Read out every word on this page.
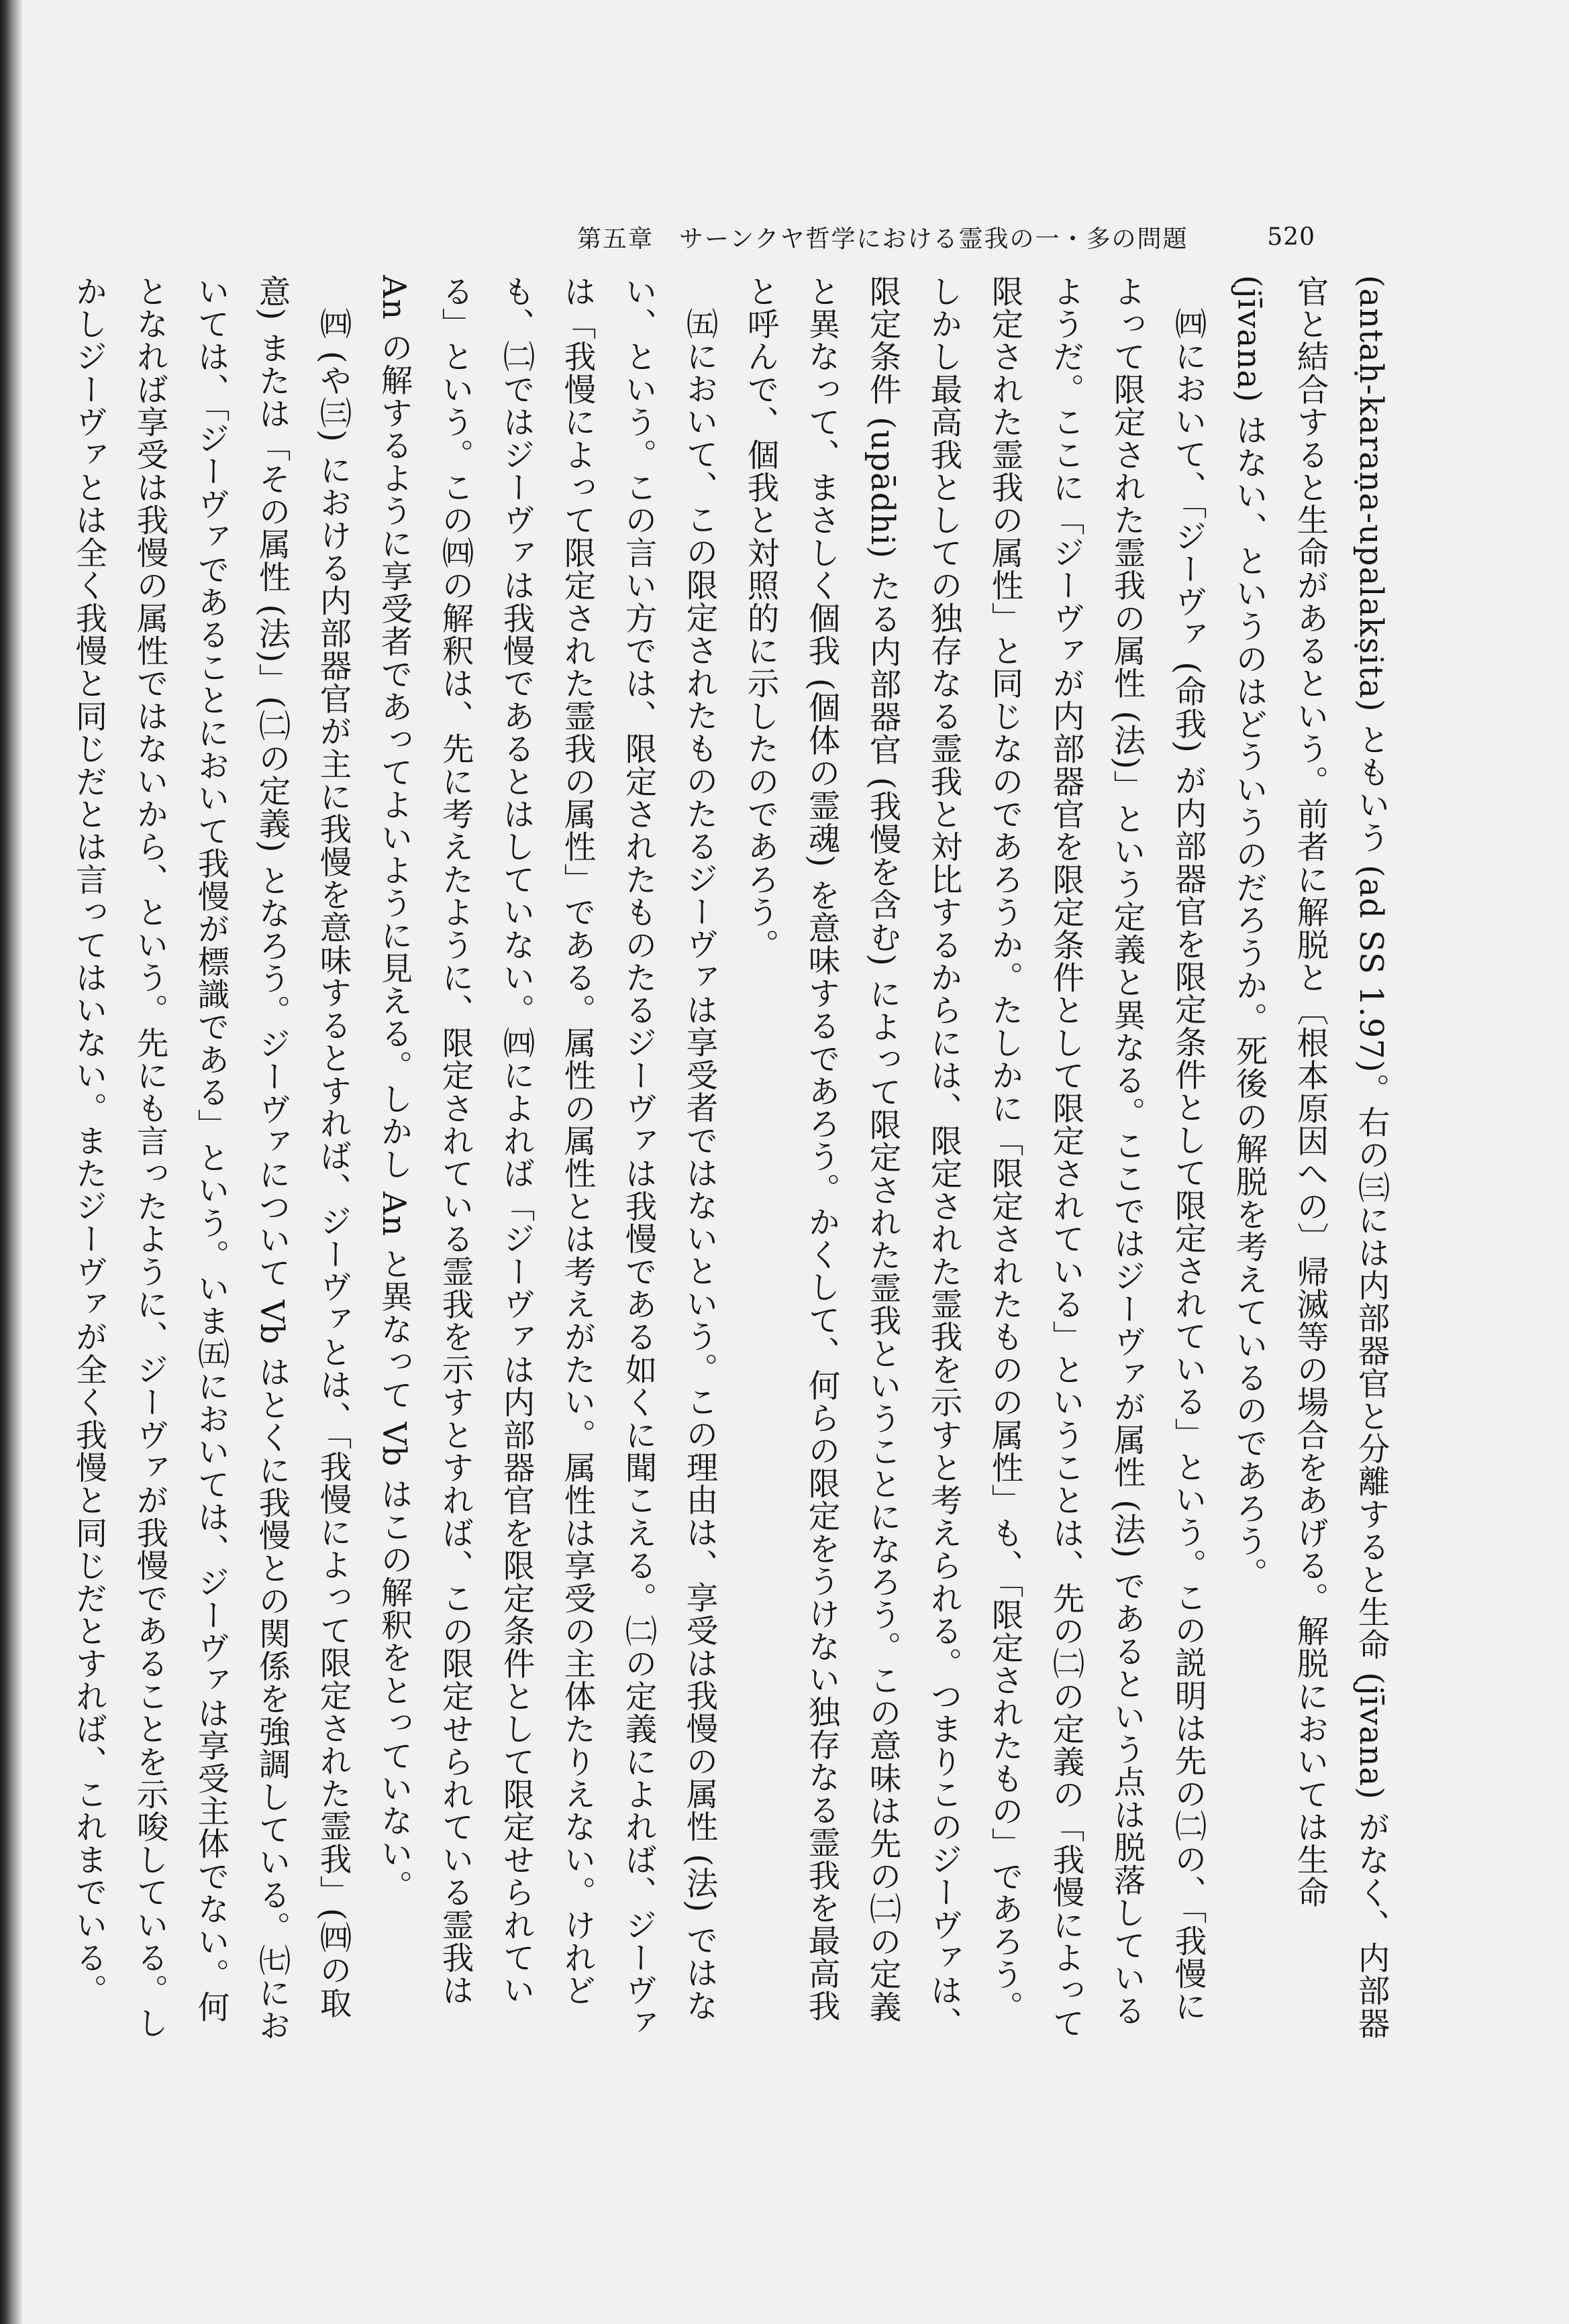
第五章　サーンクヤ哲学における霊我の一・多の問題	520

(antaḥ-karaṇa-upalakṣita) ともいう (ad SS 1.97)。右の㈢には内部器官と分離すると生命 (jīvana) がなく、内部器官と結合すると生命があるという。前者に解脱と〔根本原因への〕帰滅等の場合をあげる。解脱においては生命 (jīvana) はない、というのはどういうのだろうか。死後の解脱を考えているのであろう。

㈣において、「ジーヴァ (命我) が内部器官を限定条件として限定されている」という。この説明は先の㈡の、「我慢によって限定された霊我の属性 (法)」という定義と異なる。ここではジーヴァが属性 (法) であるという点は脱落しているようだ。ここに「ジーヴァが内部器官を限定条件として限定されている」ということは、先の㈡の定義の「我慢によって限定された霊我の属性」と同じなのであろうか。たしかに「限定されたものの属性」も、「限定されたもの」であろう。しかし最高我としての独存なる霊我と対比するからには、限定された霊我を示すと考えられる。つまりこのジーヴァは、限定条件 (upādhi) たる内部器官 (我慢を含む) によって限定された霊我ということになろう。この意味は先の㈡の定義と異なって、まさしく個我 (個体の霊魂) を意味するであろう。かくして、何らの限定をうけない独存なる霊我を最高我と呼んで、個我と対照的に示したのであろう。

㈤において、この限定されたものたるジーヴァは享受者ではないという。この理由は、享受は我慢の属性 (法) ではない、という。この言い方では、限定されたものたるジーヴァは我慢である如くに聞こえる。㈡の定義によれば、ジーヴァは「我慢によって限定された霊我の属性」である。属性の属性とは考えがたい。属性は享受の主体たりえない。けれども、㈡ではジーヴァは我慢であるとはしていない。㈣によれば「ジーヴァは内部器官を限定条件として限定せられている」という。この㈣の解釈は、先に考えたように、限定されている霊我を示すとすれば、この限定せられている霊我は An の解するように享受者であってよいように見える。しかし An と異なって Vb はこの解釈をとっていない。

㈣ (や㈢) における内部器官が主に我慢を意味するとすれば、ジーヴァとは、「我慢によって限定された霊我」(㈣の取意) または「その属性 (法)」(㈡の定義) となろう。ジーヴァについて Vb はとくに我慢との関係を強調している。㈦においては、「ジーヴァであることにおいて我慢が標識である」という。いま㈤においては、ジーヴァは享受主体でない。何となれば享受は我慢の属性ではないから、という。先にも言ったように、ジーヴァが我慢であることを示唆している。しかしジーヴァとは全く我慢と同じだとは言ってはいない。またジーヴァが全く我慢と同じだとすれば、これまでいる。
